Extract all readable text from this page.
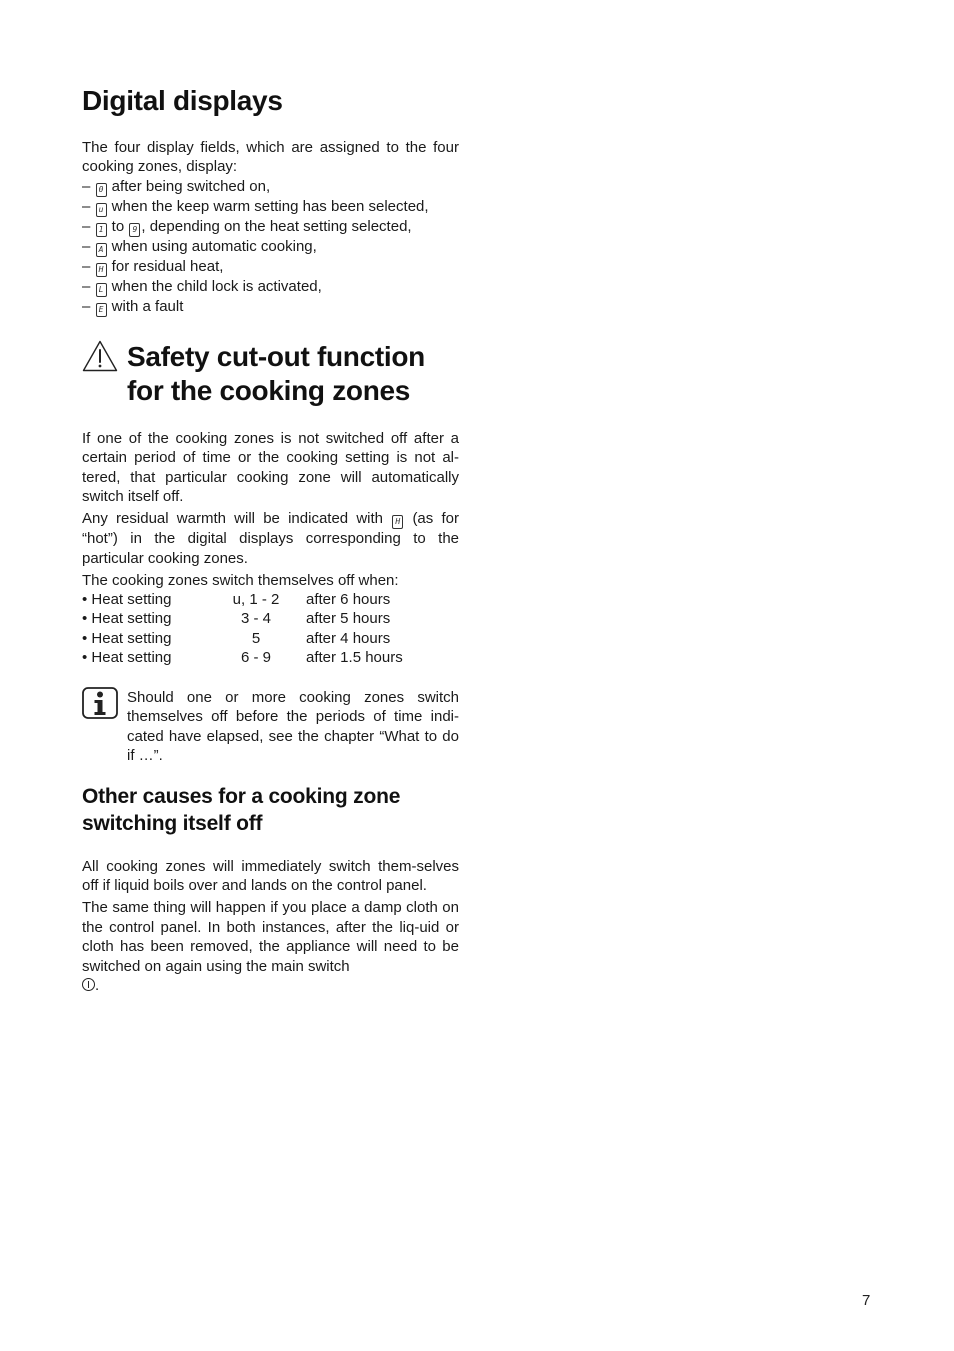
Digital displays

The four display fields, which are assigned to the four cooking zones, display:

– 0 after being switched on,
– u when the keep warm setting has been selected,
– 1 to 9 , depending on the heat setting selected,
– A when using automatic cooking,
– H for residual heat,
– L when the child lock is activated,
– E with a fault
Safety cut-out function
for the cooking zones

If one of the cooking zones is not switched off after a certain period of time or the cooking setting is not al-tered, that particular cooking zone will automatically switch itself off.

Any residual warmth will be indicated with H (as for “hot”) in the digital displays corresponding to the particular cooking zones.

The cooking zones switch themselves off when:

• Heat setting	u, 1 - 2	after 6 hours
• Heat setting	3 - 4	after 5 hours
• Heat setting	5	after 4 hours
• Heat setting	6 - 9	after 1.5 hours

Should one or more cooking zones switch themselves off before the periods of time indi-cated have elapsed, see the chapter “What to do if …”.

Other causes for a cooking zone
switching itself off

All cooking zones will immediately switch them-selves off if liquid boils over and lands on the control panel.

The same thing will happen if you place a damp cloth on the control panel. In both instances, after the liq-uid or cloth has been removed, the appliance will need to be switched on again using the main switch
.

7
